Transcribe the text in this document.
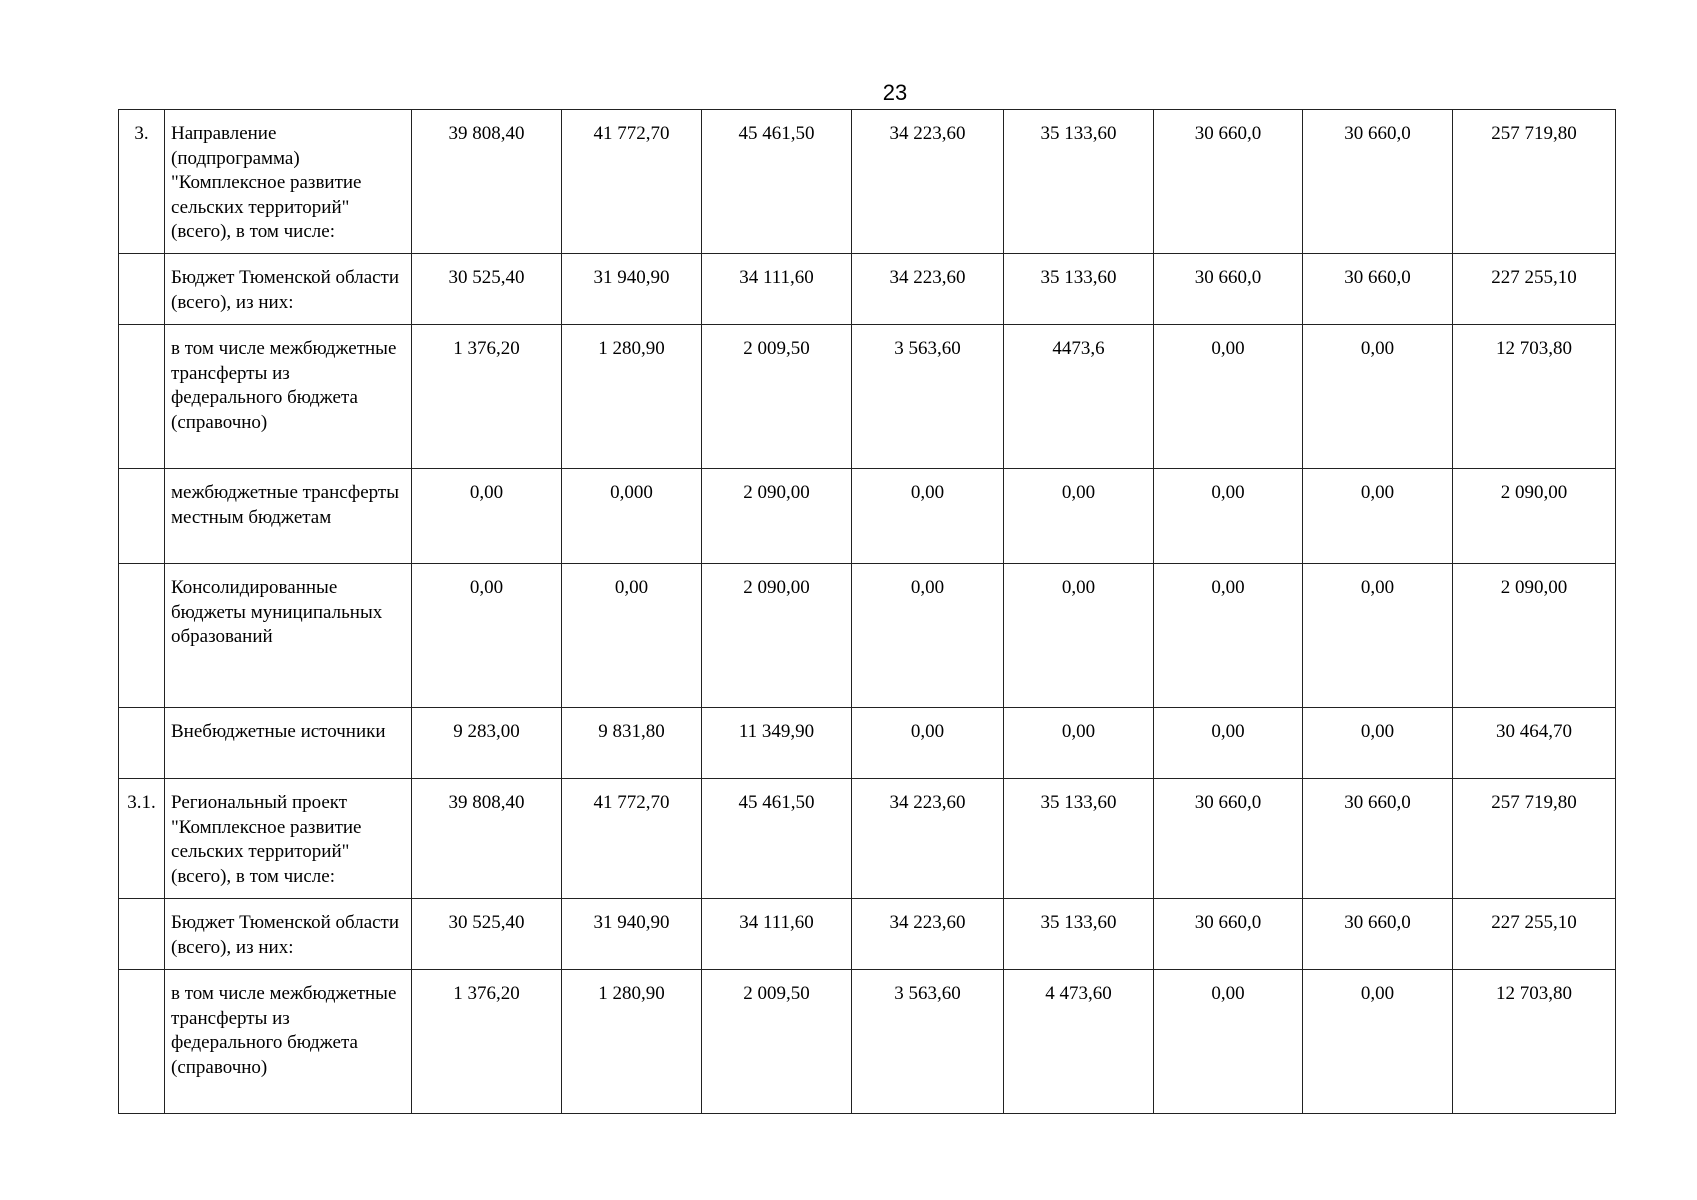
23
3.	Направление (подпрограмма) "Комплексное развитие сельских территорий" (всего), в том числе:	39 808,40	41 772,70	45 461,50	34 223,60	35 133,60	30 660,0	30 660,0	257 719,80
	Бюджет Тюменской области (всего), из них:	30 525,40	31 940,90	34 111,60	34 223,60	35 133,60	30 660,0	30 660,0	227 255,10
	в том числе межбюджетные трансферты из федерального бюджета (справочно)	1 376,20	1 280,90	2 009,50	3 563,60	4473,6	0,00	0,00	12 703,80
	межбюджетные трансферты местным бюджетам	0,00	0,000	2 090,00	0,00	0,00	0,00	0,00	2 090,00
	Консолидированные бюджеты муниципальных образований	0,00	0,00	2 090,00	0,00	0,00	0,00	0,00	2 090,00
	Внебюджетные источники	9 283,00	9 831,80	11 349,90	0,00	0,00	0,00	0,00	30 464,70
3.1.	Региональный проект "Комплексное развитие сельских территорий" (всего), в том числе:	39 808,40	41 772,70	45 461,50	34 223,60	35 133,60	30 660,0	30 660,0	257 719,80
	Бюджет Тюменской области (всего), из них:	30 525,40	31 940,90	34 111,60	34 223,60	35 133,60	30 660,0	30 660,0	227 255,10
	в том числе межбюджетные трансферты из федерального бюджета (справочно)	1 376,20	1 280,90	2 009,50	3 563,60	4 473,60	0,00	0,00	12 703,80
